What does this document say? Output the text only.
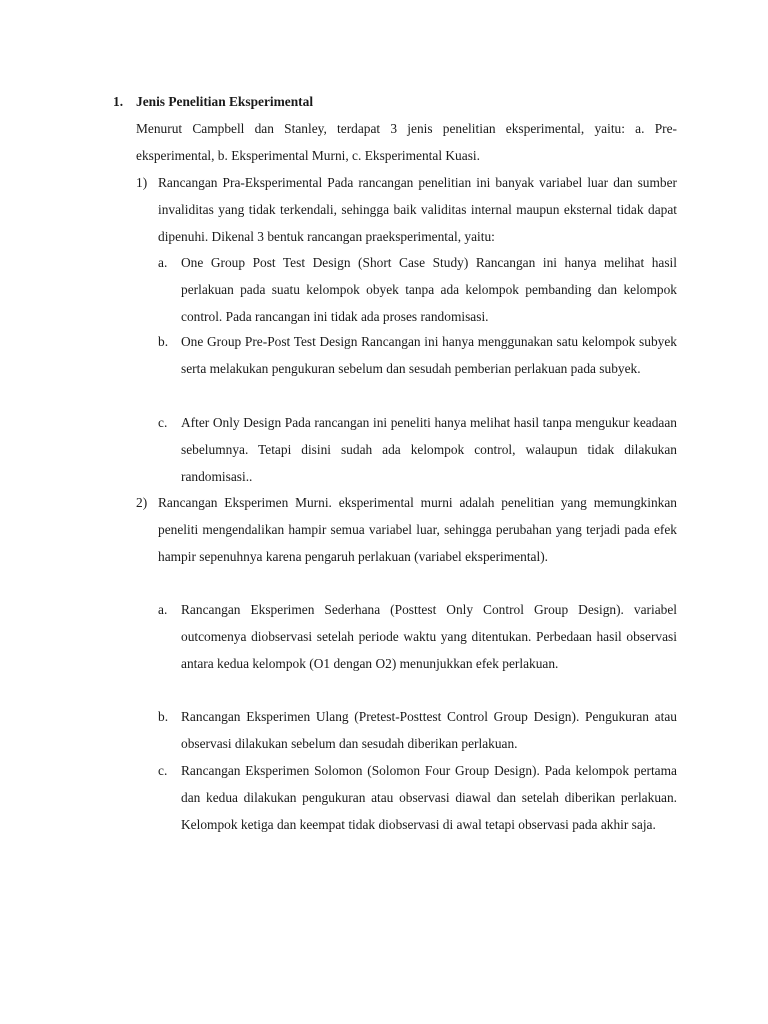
1. Jenis Penelitian Eksperimental
Menurut Campbell dan Stanley, terdapat 3 jenis penelitian eksperimental, yaitu: a. Pre-eksperimental, b. Eksperimental Murni, c. Eksperimental Kuasi.
1) Rancangan Pra-Eksperimental Pada rancangan penelitian ini banyak variabel luar dan sumber invaliditas yang tidak terkendali, sehingga baik validitas internal maupun eksternal tidak dapat dipenuhi. Dikenal 3 bentuk rancangan praeksperimental, yaitu:
a. One Group Post Test Design (Short Case Study) Rancangan ini hanya melihat hasil perlakuan pada suatu kelompok obyek tanpa ada kelompok pembanding dan kelompok control. Pada rancangan ini tidak ada proses randomisasi.
b. One Group Pre-Post Test Design Rancangan ini hanya menggunakan satu kelompok subyek serta melakukan pengukuran sebelum dan sesudah pemberian perlakuan pada subyek.
c. After Only Design Pada rancangan ini peneliti hanya melihat hasil tanpa mengukur keadaan sebelumnya. Tetapi disini sudah ada kelompok control, walaupun tidak dilakukan randomisasi..
2) Rancangan Eksperimen Murni. eksperimental murni adalah penelitian yang memungkinkan peneliti mengendalikan hampir semua variabel luar, sehingga perubahan yang terjadi pada efek hampir sepenuhnya karena pengaruh perlakuan (variabel eksperimental).
a. Rancangan Eksperimen Sederhana (Posttest Only Control Group Design). variabel outcomenya diobservasi setelah periode waktu yang ditentukan. Perbedaan hasil observasi antara kedua kelompok (O1 dengan O2) menunjukkan efek perlakuan.
b. Rancangan Eksperimen Ulang (Pretest-Posttest Control Group Design). Pengukuran atau observasi dilakukan sebelum dan sesudah diberikan perlakuan.
c. Rancangan Eksperimen Solomon (Solomon Four Group Design). Pada kelompok pertama dan kedua dilakukan pengukuran atau observasi diawal dan setelah diberikan perlakuan. Kelompok ketiga dan keempat tidak diobservasi di awal tetapi observasi pada akhir saja.
